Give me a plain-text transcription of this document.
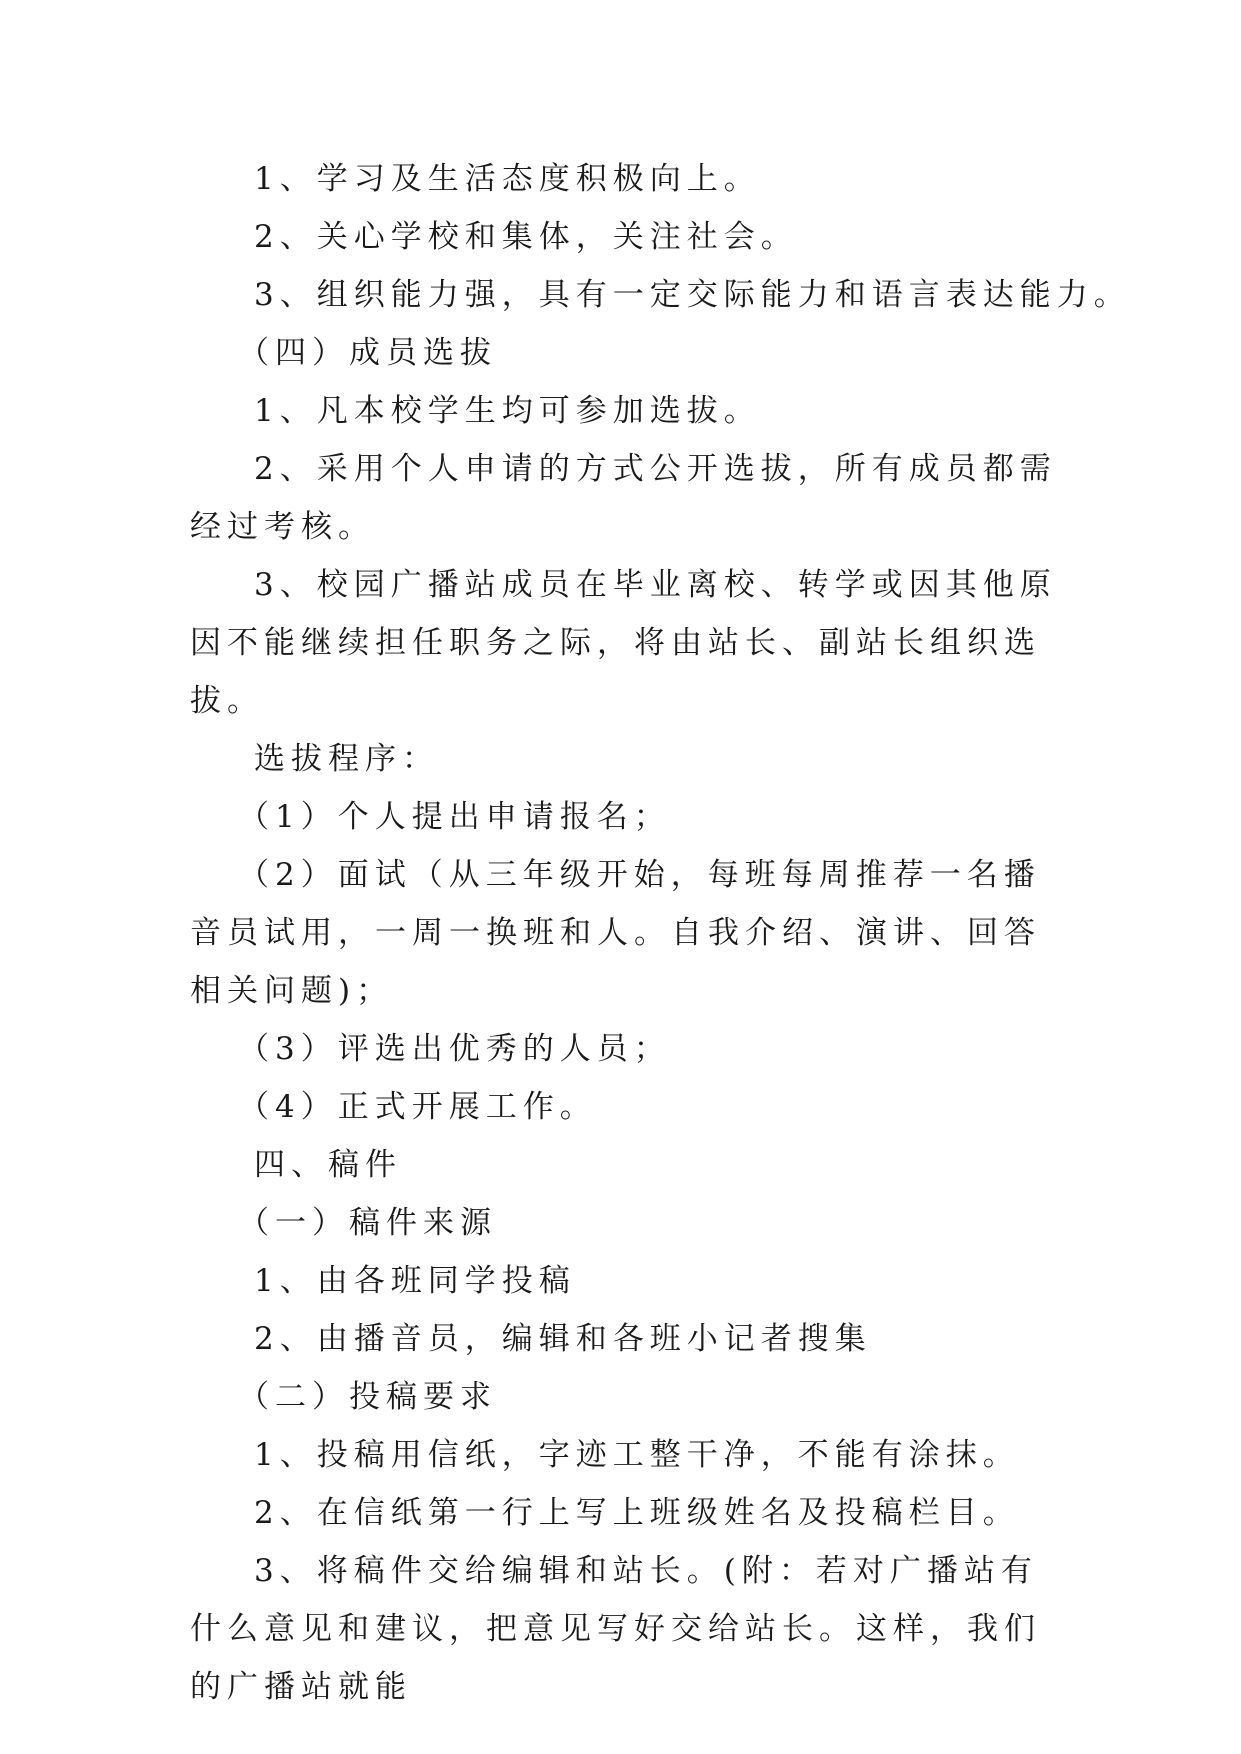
1、学习及生活态度积极向上。

2、关心学校和集体，关注社会。

3、组织能力强，具有一定交际能力和语言表达能力。

（四）成员选拔

1、凡本校学生均可参加选拔。

2、采用个人申请的方式公开选拔，所有成员都需经过考核。

3、校园广播站成员在毕业离校、转学或因其他原因不能继续担任职务之际，将由站长、副站长组织选拔。

选拔程序：

（1）个人提出申请报名；

（2）面试（从三年级开始，每班每周推荐一名播音员试用，一周一换班和人。自我介绍、演讲、回答相关问题)；

（3）评选出优秀的人员；

（4）正式开展工作。

四、稿件

（一）稿件来源

1、由各班同学投稿

2、由播音员，编辑和各班小记者搜集

（二）投稿要求

1、投稿用信纸，字迹工整干净，不能有涂抹。

2、在信纸第一行上写上班级姓名及投稿栏目。

3、将稿件交给编辑和站长。(附：若对广播站有什么意见和建议，把意见写好交给站长。这样，我们的广播站就能
